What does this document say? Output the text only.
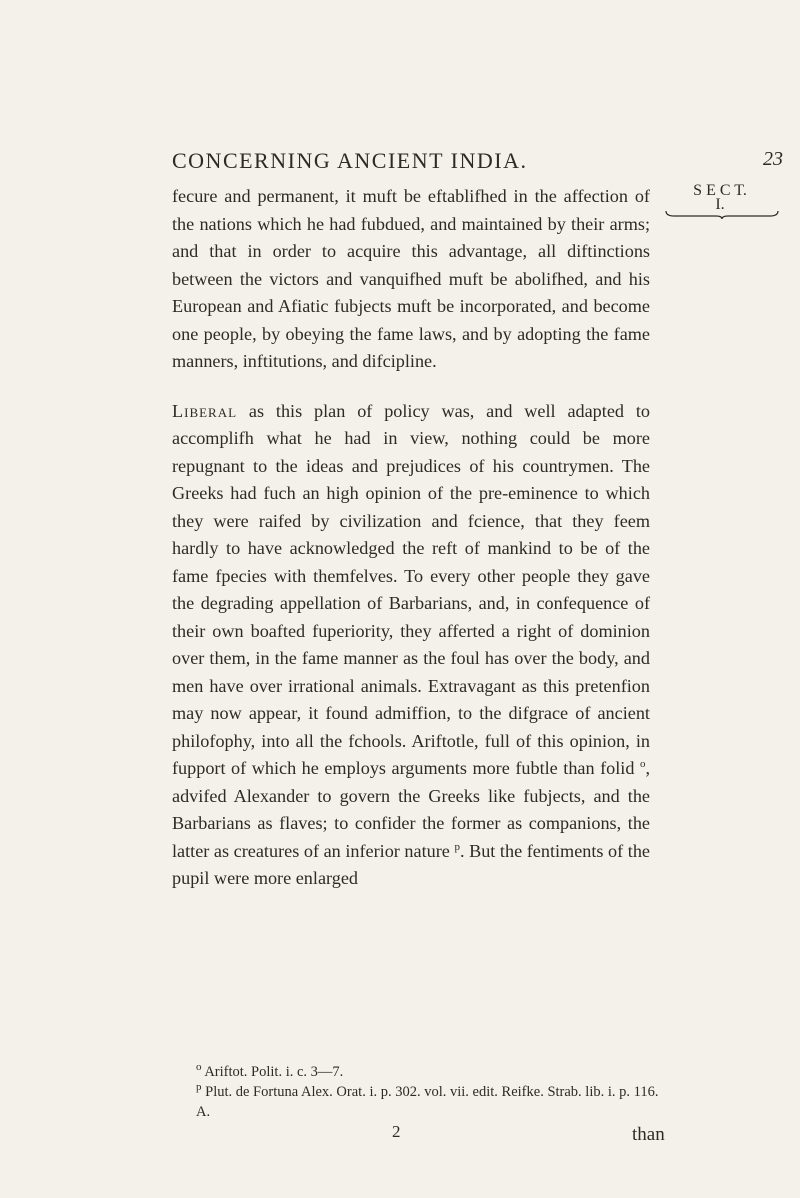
CONCERNING ANCIENT INDIA.	23
S E C T.
I.

fecure and permanent, it muft be eftablifhed in the affection of the nations which he had fubdued, and maintained by their arms; and that in order to acquire this advantage, all diftinctions between the victors and vanquifhed muft be abolifhed, and his European and Afiatic fubjects muft be incorporated, and become one people, by obeying the fame laws, and by adopting the fame manners, inftitutions, and difcipline.

Liberal as this plan of policy was, and well adapted to accomplifh what he had in view, nothing could be more repugnant to the ideas and prejudices of his countrymen. The Greeks had fuch an high opinion of the pre-eminence to which they were raifed by civilization and fcience, that they feem hardly to have acknowledged the reft of mankind to be of the fame fpecies with themfelves. To every other people they gave the degrading appellation of Barbarians, and, in confequence of their own boafted fuperiority, they afferted a right of dominion over them, in the fame manner as the foul has over the body, and men have over irrational animals. Extravagant as this pretenfion may now appear, it found admiffion, to the difgrace of ancient philofophy, into all the fchools. Ariftotle, full of this opinion, in fupport of which he employs arguments more fubtle than folid $^o$, advifed Alexander to govern the Greeks like fubjects, and the Barbarians as flaves; to confider the former as companions, the latter as creatures of an inferior nature $^p$. But the fentiments of the pupil were more enlarged

$^o$ Ariftot. Polit. i. c. 3—7.

$^p$ Plut. de Fortuna Alex. Orat. i. p. 302. vol. vii. edit. Reifke. Strab. lib. i. p. 116. A.

2	than
